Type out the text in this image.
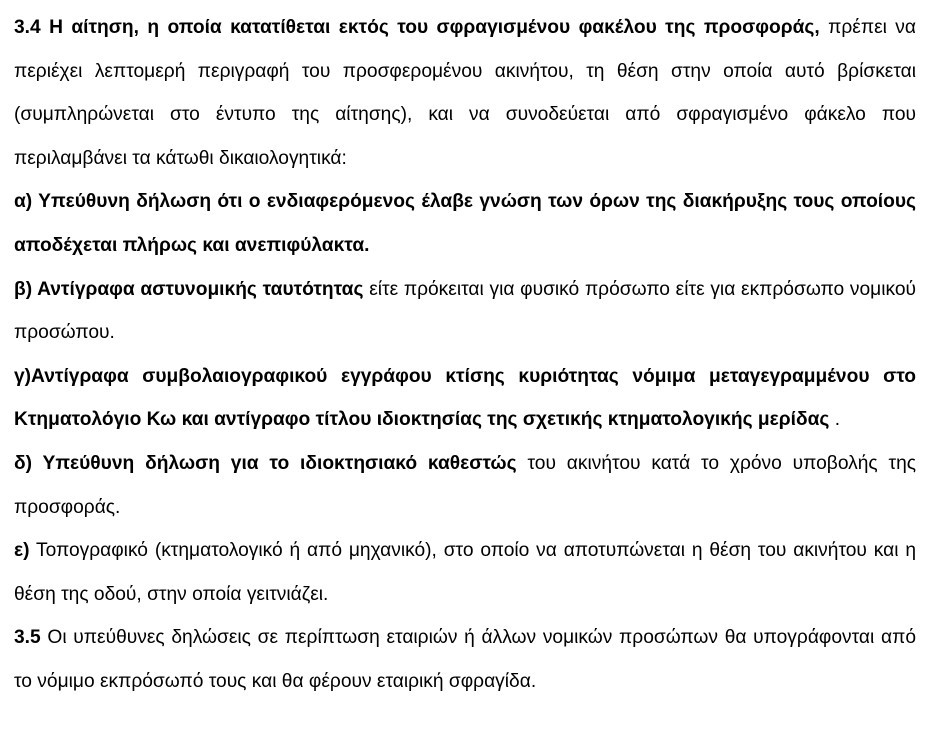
3.4 Η αίτηση, η οποία κατατίθεται εκτός του σφραγισμένου φακέλου της προσφοράς, πρέπει να περιέχει λεπτομερή περιγραφή του προσφερομένου ακινήτου, τη θέση στην οποία αυτό βρίσκεται (συμπληρώνεται στο έντυπο της αίτησης), και να συνοδεύεται από σφραγισμένο φάκελο που περιλαμβάνει τα κάτωθι δικαιολογητικά:

α) Υπεύθυνη δήλωση ότι ο ενδιαφερόμενος έλαβε γνώση των όρων της διακήρυξης τους οποίους αποδέχεται πλήρως και ανεπιφύλακτα.

β) Αντίγραφα αστυνομικής ταυτότητας είτε πρόκειται για φυσικό πρόσωπο είτε για εκπρόσωπο νομικού προσώπου.

γ)Αντίγραφα συμβολαιογραφικού εγγράφου κτίσης κυριότητας νόμιμα μεταγεγραμμένου στο Κτηματολόγιο Κω και αντίγραφο τίτλου ιδιοκτησίας της σχετικής κτηματολογικής μερίδας .

δ) Υπεύθυνη δήλωση για το ιδιοκτησιακό καθεστώς του ακινήτου κατά το χρόνο υποβολής της προσφοράς.

ε) Τοπογραφικό (κτηματολογικό ή από μηχανικό), στο οποίο να αποτυπώνεται η θέση του ακινήτου και η θέση της οδού, στην οποία γειτνιάζει.

3.5 Οι υπεύθυνες δηλώσεις σε περίπτωση εταιριών ή άλλων νομικών προσώπων θα υπογράφονται από το νόμιμο εκπρόσωπό τους και θα φέρουν εταιρική σφραγίδα.
